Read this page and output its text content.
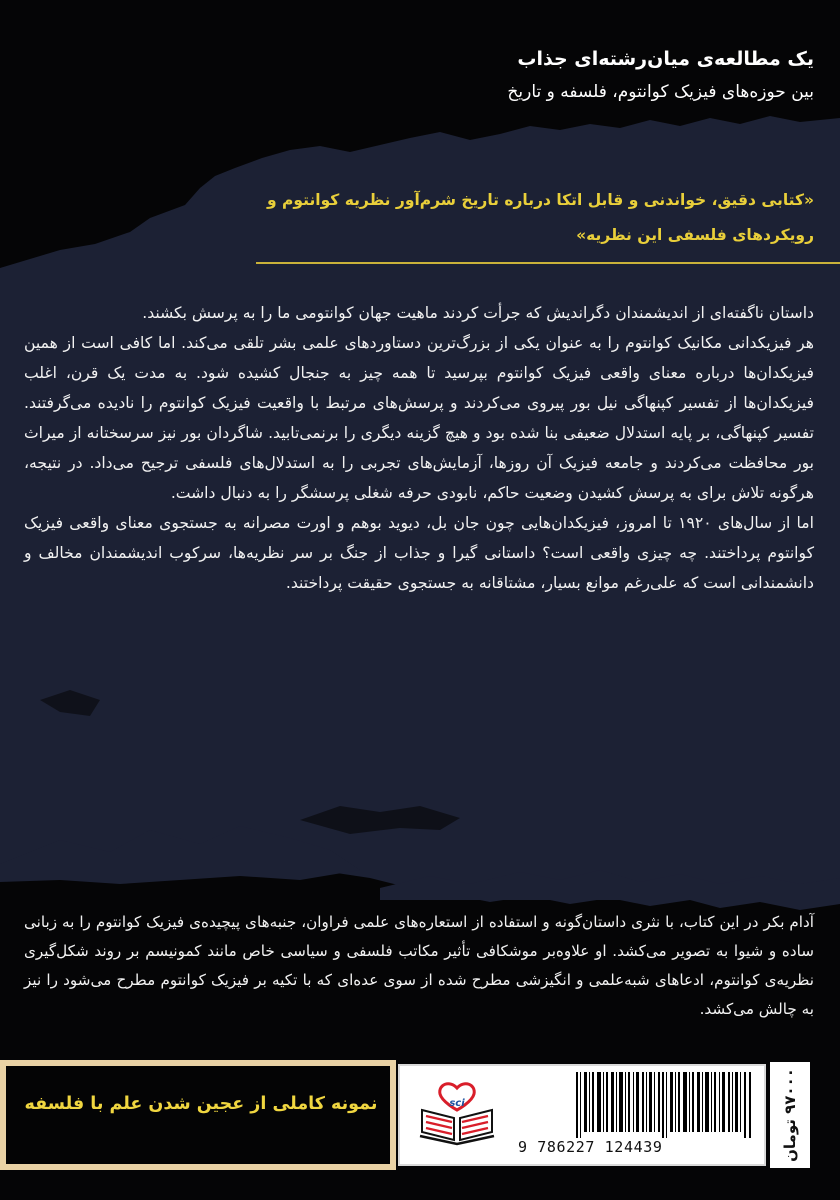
یک مطالعه‌ی میان‌رشته‌ای جذاب
بین حوزه‌های فیزیک کوانتوم، فلسفه و تاریخ
«کتابی دقیق، خواندنی و قابل اتکا درباره تاریخ شرم‌آور نظریه کوانتوم و
رویکردهای فلسفی این نظریه»

داستان ناگفته‌ای از اندیشمندان دگراندیش که جرأت کردند ماهیت جهان کوانتومی ما را به پرسش بکشند.

هر فیزیکدانی مکانیک کوانتوم را به عنوان یکی از بزرگ‌ترین دستاوردهای علمی بشر تلقی می‌کند. اما کافی است از همین فیزیکدان‌ها درباره معنای واقعی فیزیک کوانتوم بپرسید تا همه چیز به جنجال کشیده شود. به مدت یک قرن، اغلب فیزیکدان‌ها از تفسیر کپنهاگی نیل بور پیروی می‌کردند و پرسش‌های مرتبط با واقعیت فیزیک کوانتوم را نادیده می‌گرفتند. تفسیر کپنهاگی، بر پایه استدلال ضعیفی بنا شده بود و هیچ گزینه دیگری را برنمی‌تابید. شاگردان بور نیز سرسختانه از میراث بور محافظت می‌کردند و جامعه فیزیک آن روزها، آزمایش‌های تجربی را به استدلال‌های فلسفی ترجیح می‌داد. در نتیجه، هرگونه تلاش برای به پرسش کشیدن وضعیت حاکم، نابودی حرفه شغلی پرسشگر را به دنبال داشت.

اما از سال‌های ۱۹۲۰ تا امروز، فیزیکدان‌هایی چون جان بل، دیوید بوهم و اورت مصرانه به جستجوی معنای واقعی فیزیک کوانتوم پرداختند. چه چیزی واقعی است؟ داستانی گیرا و جذاب از جنگ بر سر نظریه‌ها، سرکوب اندیشمندان مخالف و دانشمندانی است که علی‌رغم موانع بسیار، مشتاقانه به جستجوی حقیقت پرداختند.

آدام بکر در این کتاب، با نثری داستان‌گونه و استفاده از استعاره‌های علمی فراوان، جنبه‌های پیچیده‌ی فیزیک کوانتوم را به زبانی ساده و شیوا به تصویر می‌کشد. او علاوه‌بر موشکافی تأثیر مکاتب فلسفی و سیاسی خاص مانند کمونیسم بر روند شکل‌گیری نظریه‌ی کوانتوم، ادعاهای شبه‌علمی و انگیزشی مطرح شده از سوی عده‌ای که با تکیه بر فیزیک کوانتوم مطرح می‌شود را نیز به چالش می‌کشد.
نمونه کاملی از عجین شدن علم با فلسفه	sci
9 786227 124439	۹۷۰۰۰ تومان
